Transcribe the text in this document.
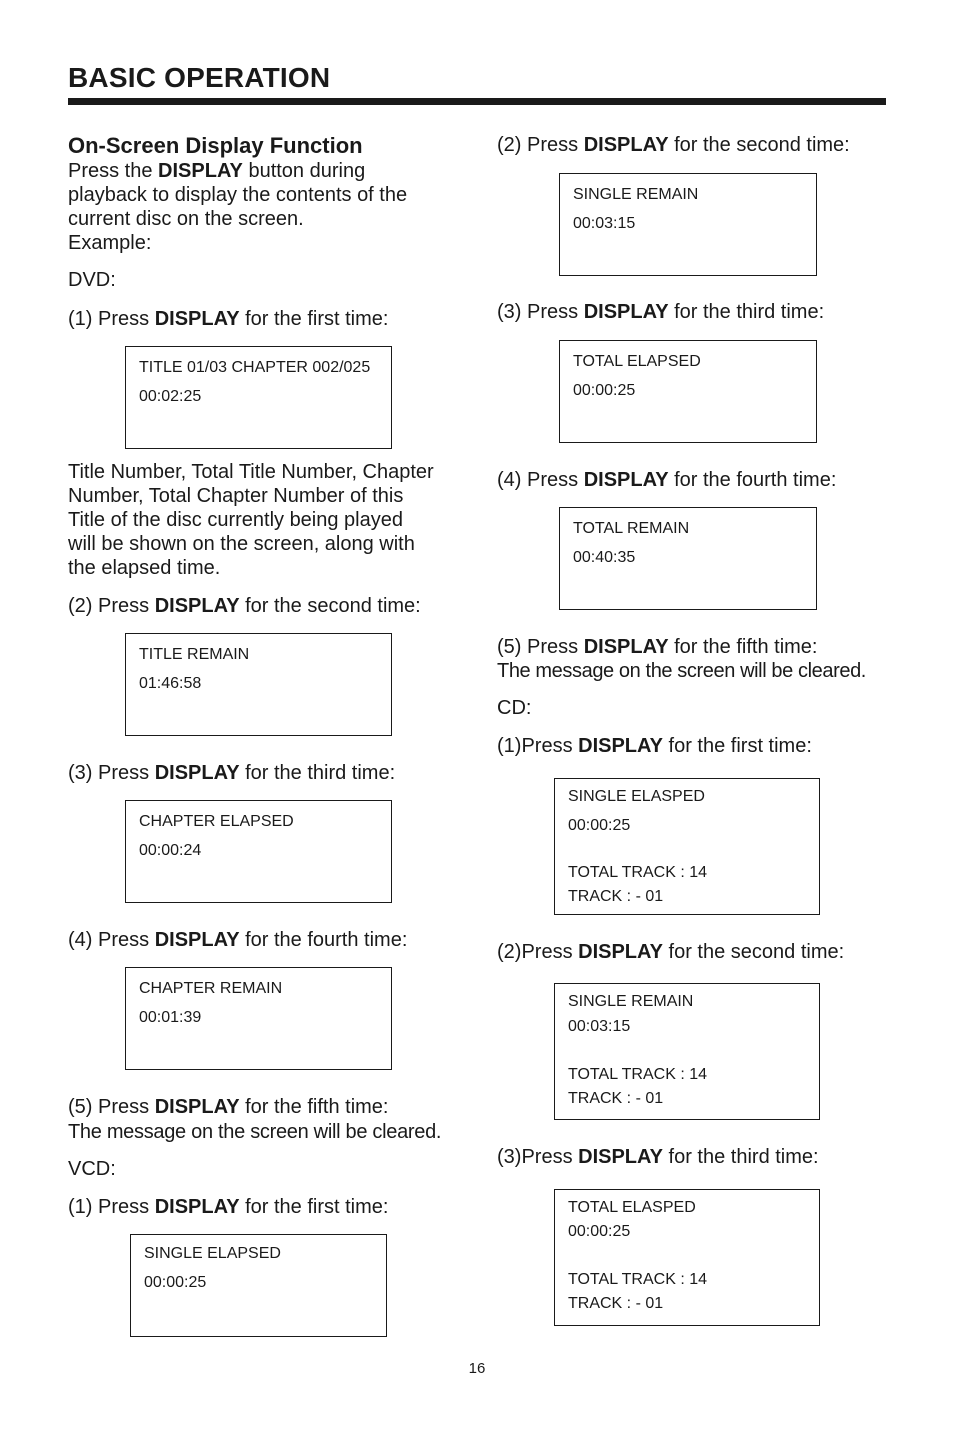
BASIC OPERATION
On-Screen Display Function
Press the DISPLAY button during
playback to display the contents of the
current disc on the screen.
Example:
DVD:
(1) Press DISPLAY for the first time:
TITLE 01/03 CHAPTER 002/025
00:02:25
Title Number, Total Title Number, Chapter
Number, Total Chapter Number of this
Title of the disc currently being played
will be shown on the screen, along with
the elapsed time.
(2) Press DISPLAY for the second time:
TITLE REMAIN
01:46:58
(3) Press DISPLAY for the third time:
CHAPTER ELAPSED
00:00:24
(4) Press DISPLAY for the fourth time:
CHAPTER REMAIN
00:01:39
(5) Press DISPLAY for the fifth time:
The message on the screen will be cleared.
VCD:
(1) Press DISPLAY for the first time:
SINGLE ELAPSED
00:00:25
(2) Press DISPLAY for the second time:
SINGLE REMAIN
00:03:15
(3) Press DISPLAY for the third time:
TOTAL ELAPSED
00:00:25
(4) Press DISPLAY for the fourth time:
TOTAL REMAIN
00:40:35
(5) Press DISPLAY for the fifth time:
The message on the screen will be cleared.
CD:
(1)Press DISPLAY for the first time:
SINGLE ELASPED
00:00:25
TOTAL TRACK : 14
TRACK : - 01
(2)Press DISPLAY for the second time:
SINGLE REMAIN
00:03:15
TOTAL TRACK : 14
TRACK : - 01
(3)Press DISPLAY for the third time:
TOTAL ELASPED
00:00:25
TOTAL TRACK : 14
TRACK : - 01
16
